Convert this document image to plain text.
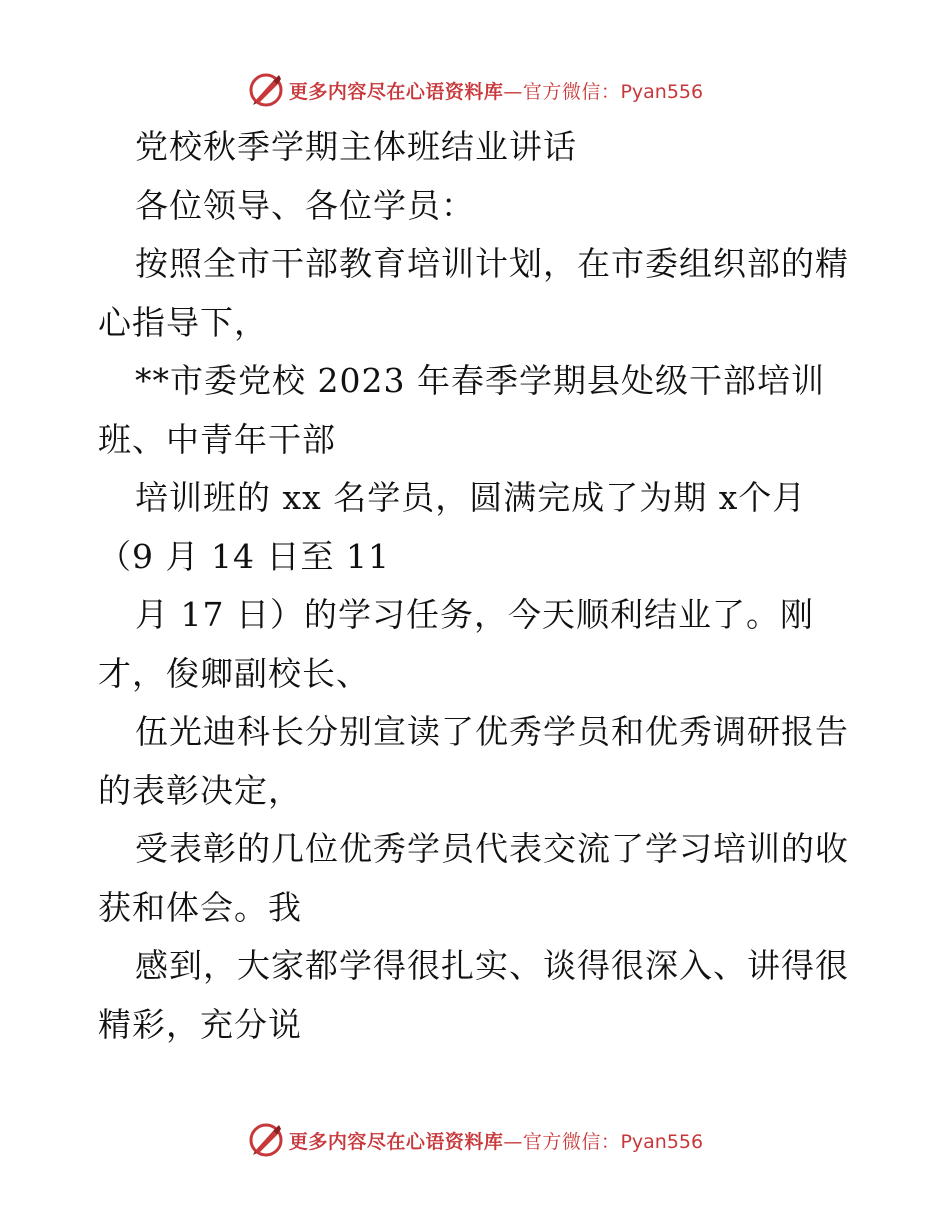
更多内容尽在心语资料库—官方微信：Pyan556
党校秋季学期主体班结业讲话
各位领导、各位学员：
按照全市干部教育培训计划，在市委组织部的精
心指导下，
**市委党校 2023 年春季学期县处级干部培训
班、中青年干部
培训班的 xx 名学员，圆满完成了为期 x个月
（9 月 14 日至 11
月 17 日）的学习任务，今天顺利结业了。刚
才，俊卿副校长、
伍光迪科长分别宣读了优秀学员和优秀调研报告
的表彰决定，
受表彰的几位优秀学员代表交流了学习培训的收
获和体会。我
感到，大家都学得很扎实、谈得很深入、讲得很
精彩，充分说
更多内容尽在心语资料库—官方微信：Pyan556
